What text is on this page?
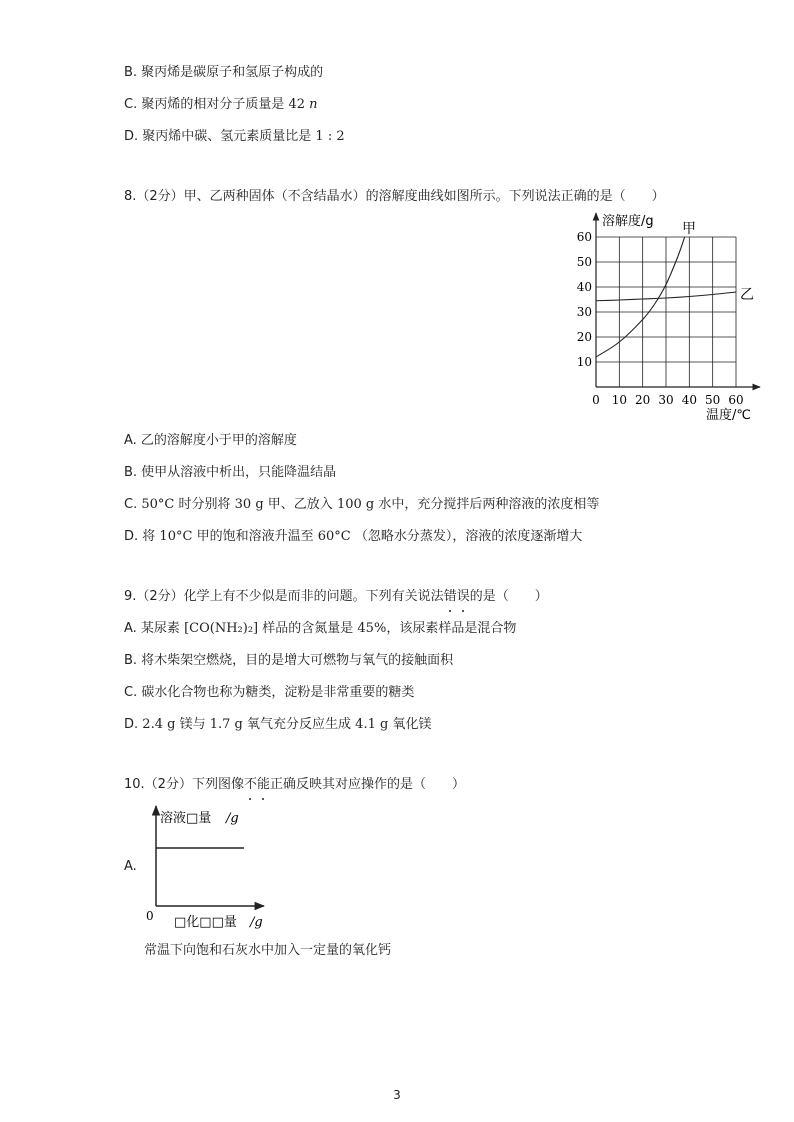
B. 聚丙烯是碳原子和氢原子构成的
C. 聚丙烯的相对分子质量是 42 n
D. 聚丙烯中碳、氢元素质量比是 1 : 2
8.（2分）甲、乙两种固体（不含结晶水）的溶解度曲线如图所示。下列说法正确的是（　　）
10
20
30
40
50
60
0 10 20 30 40 50 60
溶解度/g
温度/℃
甲
乙
A. 乙的溶解度小于甲的溶解度
B. 使甲从溶液中析出，只能降温结晶
C. 50°C 时分别将 30 g 甲、乙放入 100 g 水中，充分搅拌后两种溶液的浓度相等
D. 将 10°C 甲的饱和溶液升温至 60°C （忽略水分蒸发），溶液的浓度逐渐增大
9.（2分）化学上有不少似是而非的问题。下列有关说法错误的是（　　）
A. 某尿素 [CO(NH₂)₂] 样品的含氮量是 45%，该尿素样品是混合物
B. 将木柴架空燃烧，目的是增大可燃物与氧气的接触面积
C. 碳水化合物也称为糖类，淀粉是非常重要的糖类
D. 2.4 g 镁与 1.7 g 氧气充分反应生成 4.1 g 氧化镁
10.（2分）下列图像不能正确反映其对应操作的是（　　）
A.
溶液□量 /g
□化□□量 /g
0
常温下向饱和石灰水中加入一定量的氧化钙
3
